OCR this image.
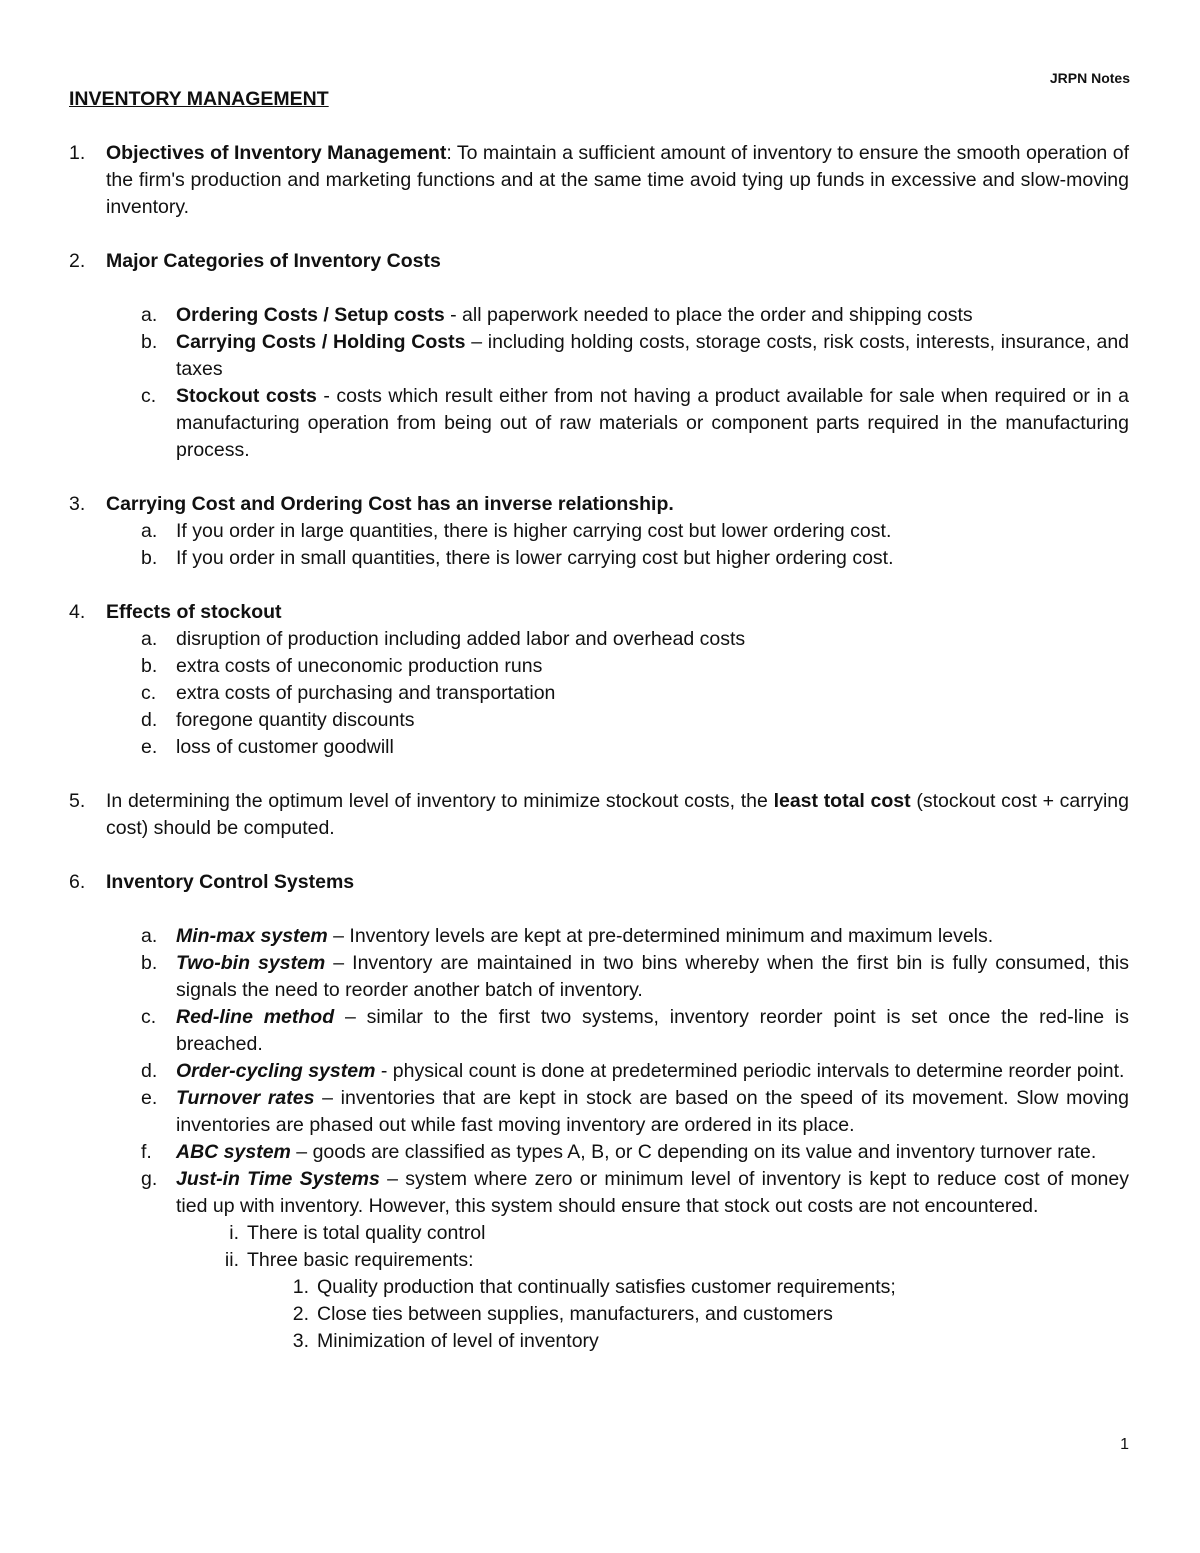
JRPN Notes
INVENTORY MANAGEMENT
1. Objectives of Inventory Management: To maintain a sufficient amount of inventory to ensure the smooth operation of the firm's production and marketing functions and at the same time avoid tying up funds in excessive and slow-moving inventory.
2. Major Categories of Inventory Costs
a. Ordering Costs / Setup costs - all paperwork needed to place the order and shipping costs
b. Carrying Costs / Holding Costs – including holding costs, storage costs, risk costs, interests, insurance, and taxes
c. Stockout costs - costs which result either from not having a product available for sale when required or in a manufacturing operation from being out of raw materials or component parts required in the manufacturing process.
3. Carrying Cost and Ordering Cost has an inverse relationship.
a. If you order in large quantities, there is higher carrying cost but lower ordering cost.
b. If you order in small quantities, there is lower carrying cost but higher ordering cost.
4. Effects of stockout
a. disruption of production including added labor and overhead costs
b. extra costs of uneconomic production runs
c. extra costs of purchasing and transportation
d. foregone quantity discounts
e. loss of customer goodwill
5. In determining the optimum level of inventory to minimize stockout costs, the least total cost (stockout cost + carrying cost) should be computed.
6. Inventory Control Systems
a. Min-max system – Inventory levels are kept at pre-determined minimum and maximum levels.
b. Two-bin system – Inventory are maintained in two bins whereby when the first bin is fully consumed, this signals the need to reorder another batch of inventory.
c. Red-line method – similar to the first two systems, inventory reorder point is set once the red-line is breached.
d. Order-cycling system - physical count is done at predetermined periodic intervals to determine reorder point.
e. Turnover rates – inventories that are kept in stock are based on the speed of its movement. Slow moving inventories are phased out while fast moving inventory are ordered in its place.
f. ABC system – goods are classified as types A, B, or C depending on its value and inventory turnover rate.
g. Just-in Time Systems – system where zero or minimum level of inventory is kept to reduce cost of money tied up with inventory. However, this system should ensure that stock out costs are not encountered.
i. There is total quality control
ii. Three basic requirements:
1. Quality production that continually satisfies customer requirements;
2. Close ties between supplies, manufacturers, and customers
3. Minimization of level of inventory
1
